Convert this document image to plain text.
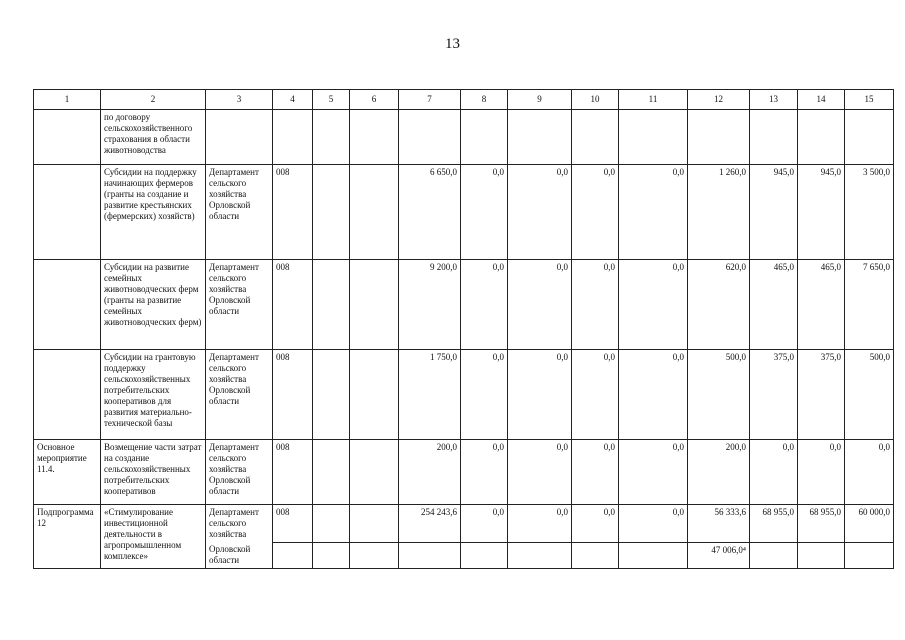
13
1	2	3	4	5	6	7	8	9	10	11	12	13	14	15
	по договору сельскохозяйственного страхования в области животноводства													
	Субсидии на поддержку начинающих фермеров (гранты на создание и развитие крестьянских (фермерских) хозяйств)	Департамент сельского хозяйства Орловской области	008			6 650,0	0,0	0,0	0,0	0,0	1 260,0	945,0	945,0	3 500,0
	Субсидии на развитие семейных животноводческих ферм (гранты на развитие семейных животноводческих ферм)	Департамент сельского хозяйства Орловской области	008			9 200,0	0,0	0,0	0,0	0,0	620,0	465,0	465,0	7 650,0
	Субсидии на грантовую поддержку сельскохозяйственных потребительских кооперативов для развития материально-технической базы	Департамент сельского хозяйства Орловской области	008			1 750,0	0,0	0,0	0,0	0,0	500,0	375,0	375,0	500,0
Основное мероприятие 11.4.	Возмещение части затрат на создание сельскохозяйственных потребительских кооперативов	Департамент сельского хозяйства Орловской области	008			200,0	0,0	0,0	0,0	0,0	200,0	0,0	0,0	0,0
Подпрограмма 12	«Стимулирование инвестиционной деятельности в агропромышленном комплексе»	Департамент сельского хозяйства	008			254 243,6	0,0	0,0	0,0	0,0	56 333,6	68 955,0	68 955,0	60 000,0
		Орловской области									47 006,0⁴			
